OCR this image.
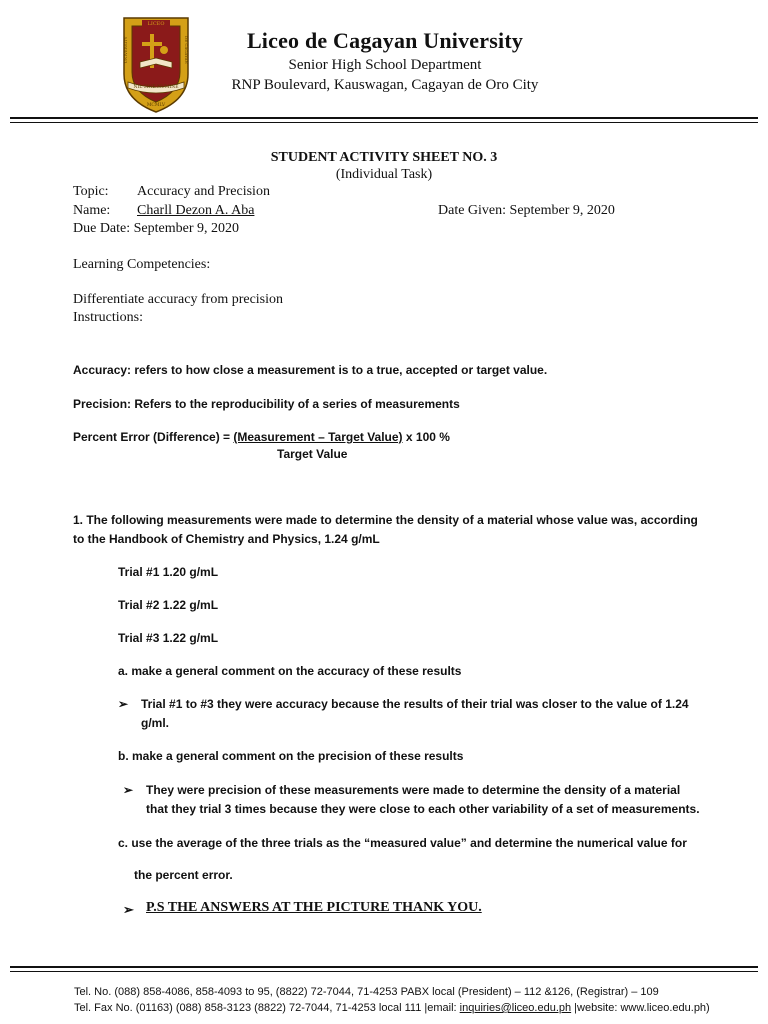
LICEO
NIL SINE NUMINE
DE CAGAYAN
UNIVERSITY
MCMLV
Liceo de Cagayan University
Senior High School Department
RNP Boulevard, Kauswagan, Cagayan de Oro City
STUDENT ACTIVITY SHEET NO. 3
(Individual Task)
Topic: Accuracy and Precision
Name: Charll Dezon A. Aba	Date Given: September 9, 2020
Due Date: September 9, 2020
Learning Competencies:
Differentiate accuracy from precision
Instructions:
Accuracy: refers to how close a measurement is to a true, accepted or target value.
Precision: Refers to the reproducibility of a series of measurements
Percent Error (Difference) = (Measurement – Target Value) x 100 %
Target Value
1. The following measurements were made to determine the density of a material whose value was, according
to the Handbook of Chemistry and Physics, 1.24 g/mL
Trial #1 1.20 g/mL
Trial #2 1.22 g/mL
Trial #3 1.22 g/mL
a. make a general comment on the accuracy of these results
➢ Trial #1 to #3 they were accuracy because the results of their trial was closer to the value of 1.24
g/ml.
b. make a general comment on the precision of these results
➢ They were precision of these measurements were made to determine the density of a material
that they trial 3 times because they were close to each other variability of a set of measurements.
c. use the average of the three trials as the “measured value” and determine the numerical value for
the percent error.
➢ P.S THE ANSWERS AT THE PICTURE THANK YOU.
Tel. No. (088) 858-4086, 858-4093 to 95, (8822) 72-7044, 71-4253 PABX local (President) – 112 &126, (Registrar) – 109
Tel. Fax No. (01163) (088) 858-3123 (8822) 72-7044, 71-4253 local 111 |email: inquiries@liceo.edu.ph |website: www.liceo.edu.ph)
